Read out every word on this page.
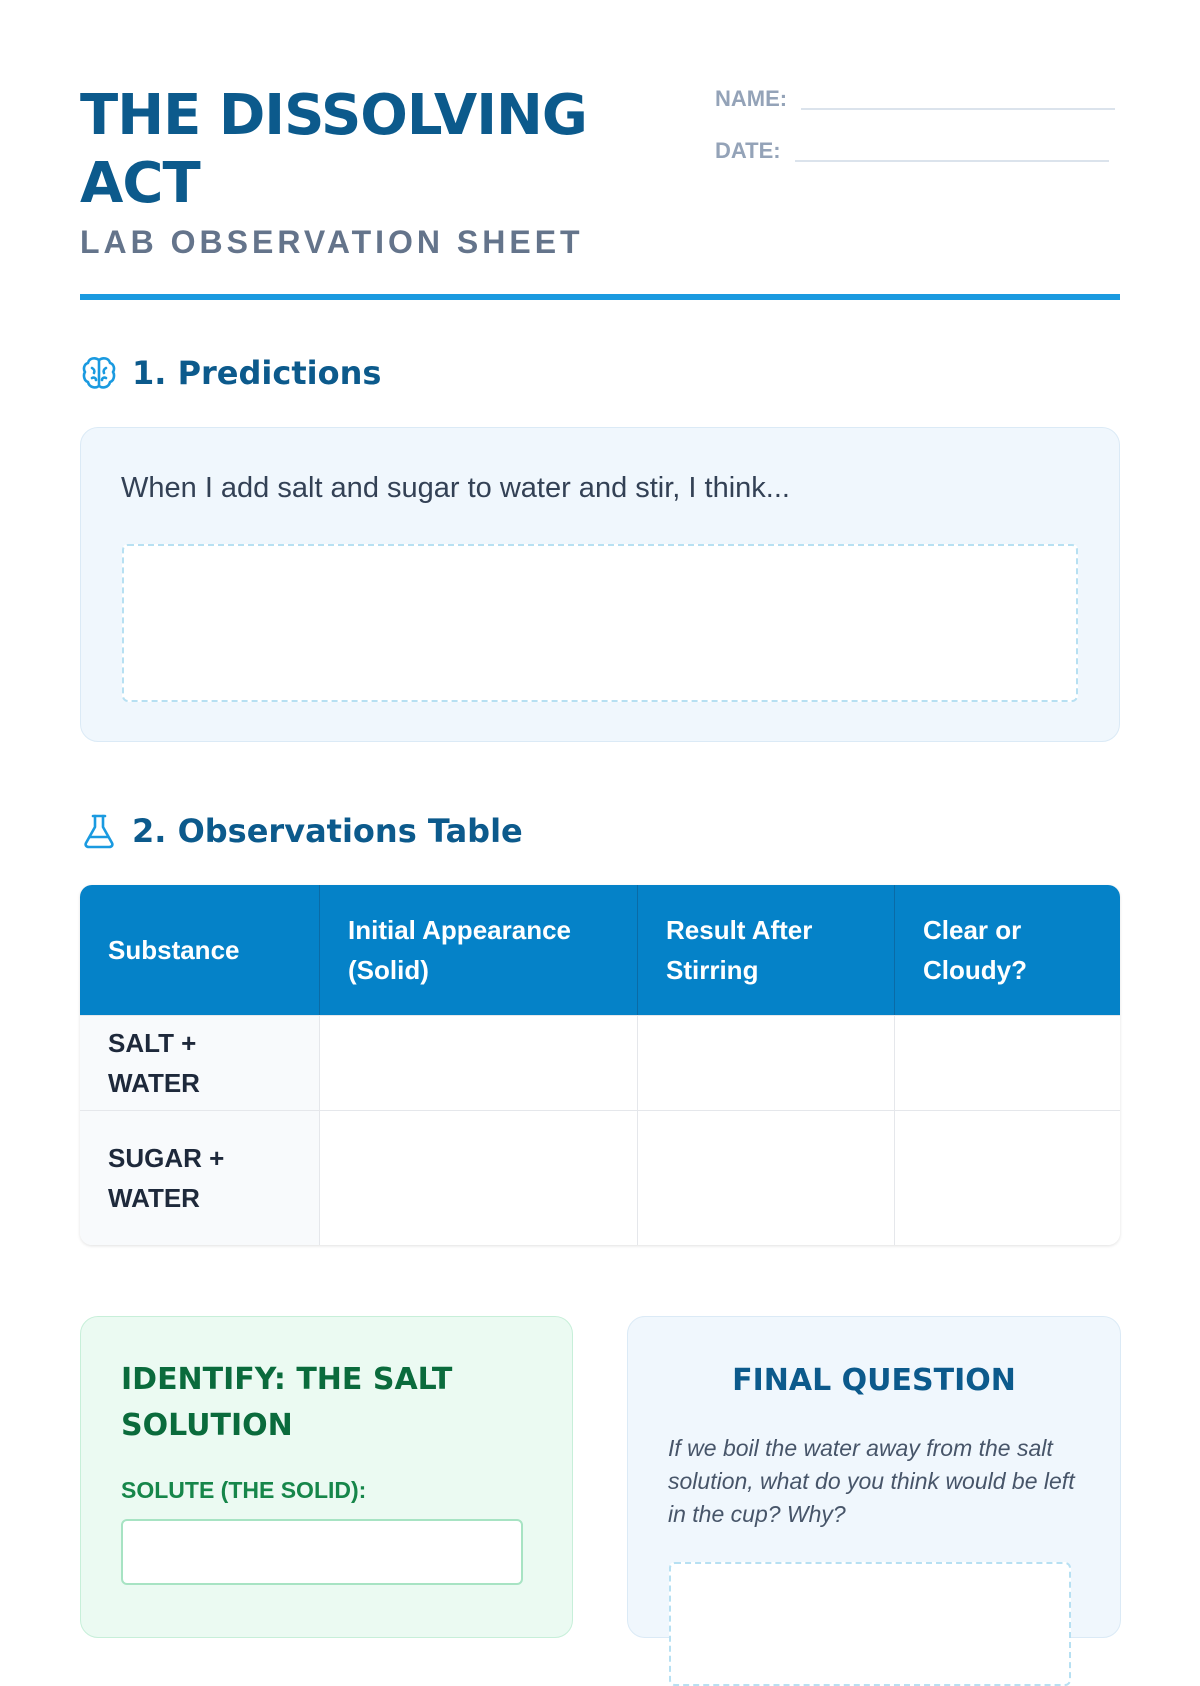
THE DISSOLVING ACT
LAB OBSERVATION SHEET
NAME:
DATE:
1. Predictions
When I add salt and sugar to water and stir, I think...
2. Observations Table
Substance	Initial Appearance (Solid)	Result After Stirring	Clear or Cloudy?
SALT + WATER			
SUGAR + WATER			
IDENTIFY: THE SALT SOLUTION
SOLUTE (THE SOLID):
FINAL QUESTION

If we boil the water away from the salt solution, what do you think would be left in the cup? Why?
